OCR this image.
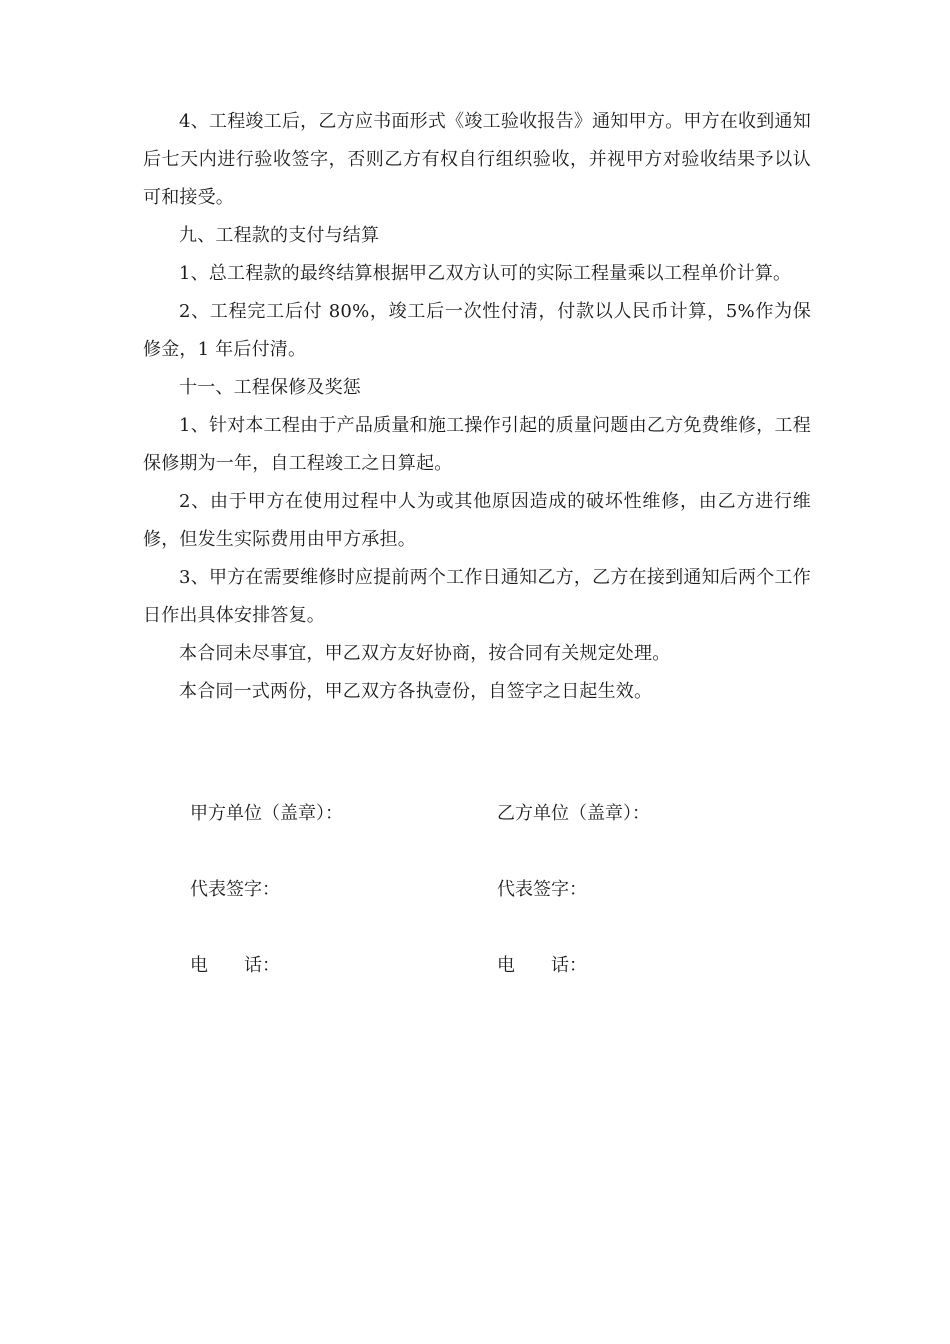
4、工程竣工后，乙方应书面形式《竣工验收报告》通知甲方。甲方在收到通知后七天内进行验收签字，否则乙方有权自行组织验收，并视甲方对验收结果予以认可和接受。

九、工程款的支付与结算

1、总工程款的最终结算根据甲乙双方认可的实际工程量乘以工程单价计算。

2、工程完工后付 80%，竣工后一次性付清，付款以人民币计算，5%作为保修金，1 年后付清。

十一、工程保修及奖惩

1、针对本工程由于产品质量和施工操作引起的质量问题由乙方免费维修，工程保修期为一年，自工程竣工之日算起。

2、由于甲方在使用过程中人为或其他原因造成的破坏性维修，由乙方进行维修，但发生实际费用由甲方承担。

3、甲方在需要维修时应提前两个工作日通知乙方，乙方在接到通知后两个工作日作出具体安排答复。

本合同未尽事宜，甲乙双方友好协商，按合同有关规定处理。

本合同一式两份，甲乙双方各执壹份，自签字之日起生效。

甲方单位（盖章）：	乙方单位（盖章）：
代表签字：	代表签字：
电　　话：	电　　话：
